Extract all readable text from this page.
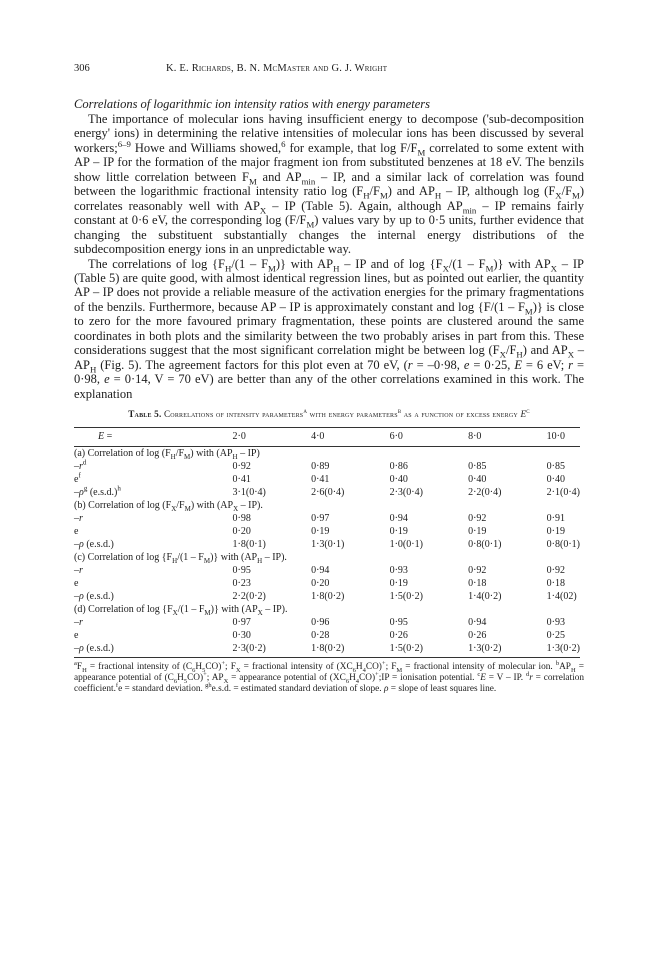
306	K. E. Richards, B. N. McMaster and G. J. Wright
Correlations of logarithmic ion intensity ratios with energy parameters

The importance of molecular ions having insufficient energy to decompose ('sub-decomposition energy' ions) in determining the relative intensities of molecular ions has been discussed by several workers;$^{6-9}$ Howe and Williams showed,$^6$ for example, that $\log F/F_M$ correlated to some extent with AP – IP for the formation of the major fragment ion from substituted benzenes at 18 eV. The benzils show little correlation between $F_M$ and $AP_{min}$ – IP, and a similar lack of correlation was found between the logarithmic fractional intensity ratio $\log (F_H/F_M)$ and $AP_H$ – IP, although $\log (F_X/F_M)$ correlates reasonably well with $AP_X$ – IP (Table 5). Again, although $AP_{min}$ – IP remains fairly constant at 0·6 eV, the corresponding $\log (F/F_M)$ values vary by up to 0·5 units, further evidence that changing the substituent substantially changes the internal energy distributions of the subdecomposition energy ions in an unpredictable way.

The correlations of $\log \{F_H/(1 - F_M)\}$ with $AP_H$ – IP and of $\log \{F_X/(1 - F_M)\}$ with $AP_X$ – IP (Table 5) are quite good, with almost identical regression lines, but as pointed out earlier, the quantity AP – IP does not provide a reliable measure of the activation energies for the primary fragmentations of the benzils. Furthermore, because AP – IP is approximately constant and $\log \{F/(1 - F_M)\}$ is close to zero for the more favoured primary fragmentation, these points are clustered around the same coordinates in both plots and the similarity between the two probably arises in part from this. These considerations suggest that the most significant correlation might be between $\log (F_X/F_H)$ and $AP_X - AP_H$ (Fig. 5). The agreement factors for this plot even at 70 eV, (r = –0·98, e = 0·25, E = 6 eV; r = 0·98, e = 0·14, V = 70 eV) are better than any of the other correlations examined in this work. The explanation

Table 5. Correlations of intensity parameters$^a$ with energy parameters$^b$ as a function of excess energy $E^c$
E =	2·0	4·0	6·0	8·0	10·0
(a) Correlation of $\log (F_H/F_M)$ with $(AP_H - IP)$					
$-r^d$	0·92	0·89	0·86	0·85	0·85
$e^f$	0·41	0·41	0·40	0·40	0·40
$-\rho^g$ $(e.s.d.)^h$	3·1(0·4)	2·6(0·4)	2·3(0·4)	2·2(0·4)	2·1(0·4)
(b) Correlation of $\log (F_X/F_M)$ with $(AP_X - IP)$.					
–r	0·98	0·97	0·94	0·92	0·91
e	0·20	0·19	0·19	0·19	0·19
–ρ (e.s.d.)	1·8(0·1)	1·3(0·1)	1·0(0·1)	0·8(0·1)	0·8(0·1)
(c) Correlation of $\log \{F_H/(1 - F_M)\}$ with $(AP_H - IP)$.					
–r	0·95	0·94	0·93	0·92	0·92
e	0·23	0·20	0·19	0·18	0·18
–ρ (e.s.d.)	2·2(0·2)	1·8(0·2)	1·5(0·2)	1·4(0·2)	1·4(02)
(d) Correlation of $\log \{F_X/(1 - F_M)\}$ with $(AP_X - IP)$.					
–r	0·97	0·96	0·95	0·94	0·93
e	0·30	0·28	0·26	0·26	0·25
–ρ (e.s.d.)	2·3(0·2)	1·8(0·2)	1·5(0·2)	1·3(0·2)	1·3(0·2)
$^aF_H$ = fractional intensity of $(C_6H_5CO)^+$; $F_X$ = fractional intensity of $(XC_6H_4CO)^+$; $F_M$ = fractional intensity of molecular ion. $^bAP_H$ = appearance potential of $(C_6H_5CO)^+$; $AP_X$ = appearance potential of $(XC_6H_4CO)^+;IP$ = ionisation potential. $^c$E = V – IP. $^d$r = correlation coefficient.$^f$e = standard deviation. $^{gh}$e.s.d. = estimated standard deviation of slope. ρ = slope of least squares line.
